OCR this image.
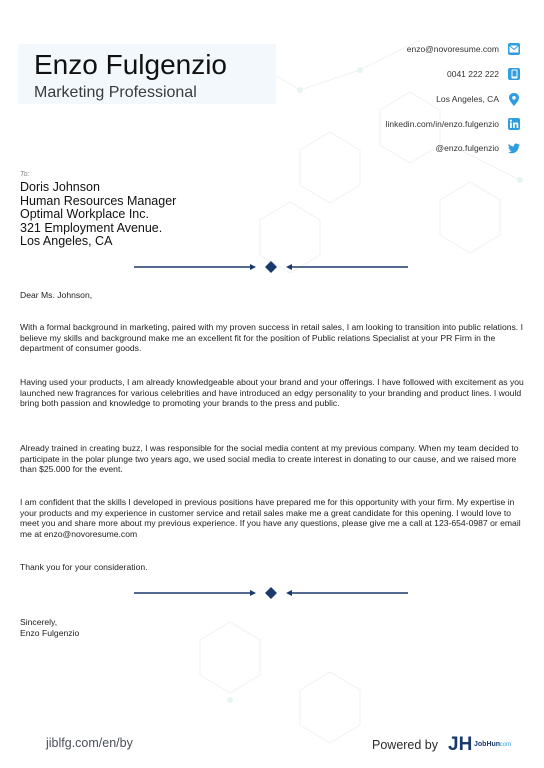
Enzo Fulgenzio
Marketing Professional
enzo@novoresume.com
0041 222 222
Los Angeles, CA
linkedin.com/in/enzo.fulgenzio
@enzo.fulgenzio
To:
Doris Johnson
Human Resources Manager
Optimal Workplace Inc.
321 Employment Avenue.
Los Angeles, CA
Dear Ms. Johnson,
With a formal background in marketing, paired with my proven success in retail sales, I am looking to transition into public relations. I believe my skills and background make me an excellent fit for the position of Public relations Specialist at your PR Firm in the department of consumer goods.
Having used your products, I am already knowledgeable about your brand and your offerings. I have followed with excitement as you launched new fragrances for various celebrities and have introduced an edgy personality to your branding and product lines. I would bring both passion and knowledge to promoting your brands to the press and public.
Already trained in creating buzz, I was responsible for the social media content at my previous company. When my team decided to participate in the polar plunge two years ago, we used social media to create interest in donating to our cause, and we raised more than $25.000 for the event.
I am confident that the skills I developed in previous positions have prepared me for this opportunity with your firm. My expertise in your products and my experience in customer service and retail sales make me a great candidate for this opening. I would love to meet you and share more about my previous experience. If you have any questions, please give me a call at 123-654-0987 or email me at enzo@novoresume.com
Thank you for your consideration.
Sincerely,
Enzo Fulgenzio
jiblfg.com/en/by	Powered by JH JobHun
.com
